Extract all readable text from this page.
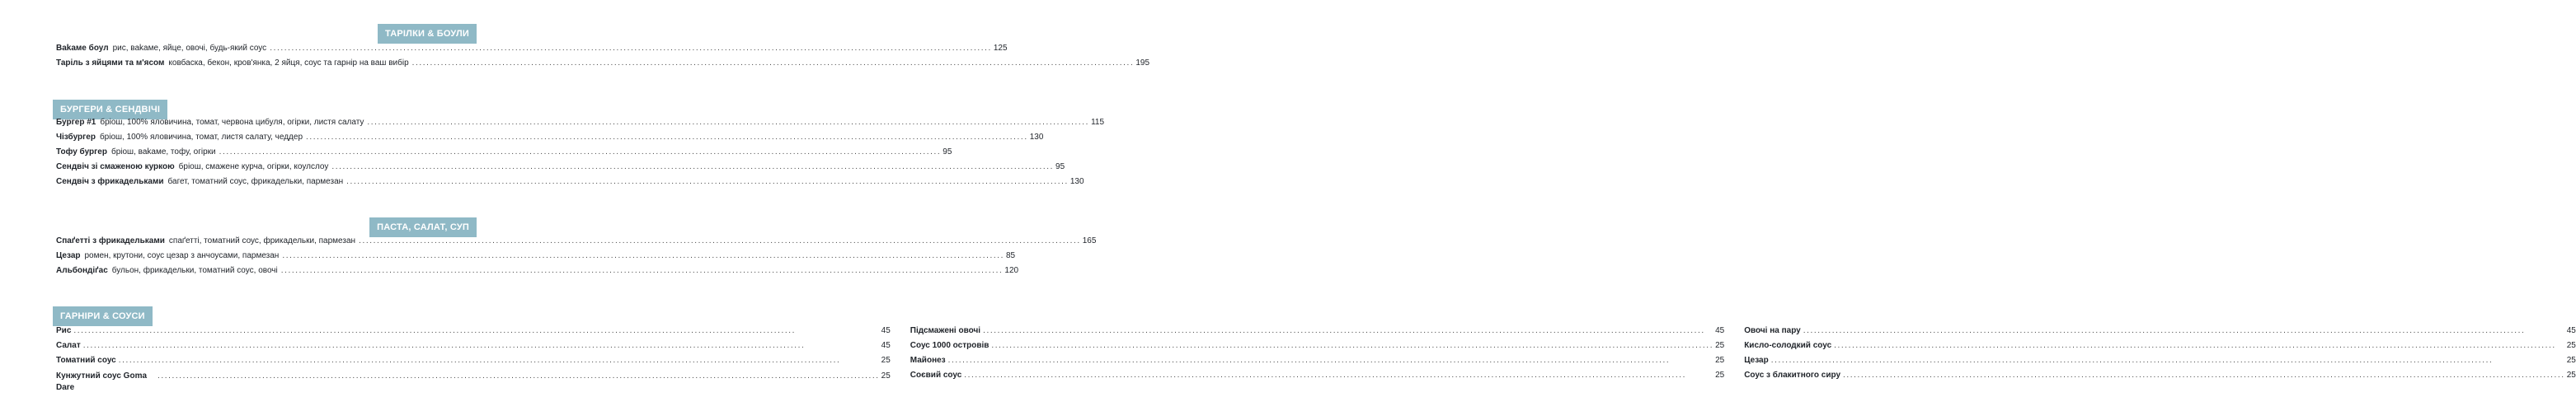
ТАРІЛКИ & БОУЛИ
Ваkаме боул рис, ваkаме, яйце, овочі, будь-який соус ........................................................................................................................................................................................................ 125
Таріль з яйцями та м'ясом ковбаска, бекон, кров'янка, 2 яйця, соус та гарнір на ваш вибір ........................................................................................................................................................................................................ 195
БУРГЕРИ & СЕНДВІЧІ
Бургер #1 бріош, 100% яловичина, томат, червона цибуля, огірки, листя салату ........................................................................................................................................................................................................ 115
Чізбургер бріош, 100% яловичина, томат, листя салату, чеддер ........................................................................................................................................................................................................ 130
Тофу бургер бріош, ваkаме, тофу, огірки ........................................................................................................................................................................................................ 95
Сендвіч зі смаженою куркою бріош, смажене курча, огірки, коулслоу ........................................................................................................................................................................................................ 95
Сендвіч з фрикадельками багет, томатний соус, фрикадельки, пармезан ........................................................................................................................................................................................................ 130
ПАСТА, САЛАТ, СУП
Спаґетті з фрикадельками спаґетті, томатний соус, фрикадельки, пармезан ........................................................................................................................................................................................................ 165
Цезар ромен, крутони, соус цезар з анчоусами, пармезан ........................................................................................................................................................................................................ 85
Альбондіґас бульон, фрикадельки, томатний соус, овочі ........................................................................................................................................................................................................ 120
ГАРНІРИ & СОУСИ
Рис ........................................................................................................................................................................................................	45
Салат ........................................................................................................................................................................................................	45
Томатний соус ........................................................................................................................................................................................................	25
Кунжутний соус Goma Dare
........................................................................................................................................................................................................ 25
Підсмажені овочі ........................................................................................................................................................................................................	45
Соус 1000 островів ........................................................................................................................................................................................................ 25
Майонез ........................................................................................................................................................................................................	25
Соєвий соус ........................................................................................................................................................................................................	25
Овочі на пару ........................................................................................................................................................................................................	45
Кисло-солодкий соус ........................................................................................................................................................................................................	25
Цезар ........................................................................................................................................................................................................	25
Соус з блакитного сиру ........................................................................................................................................................................................................ 25
